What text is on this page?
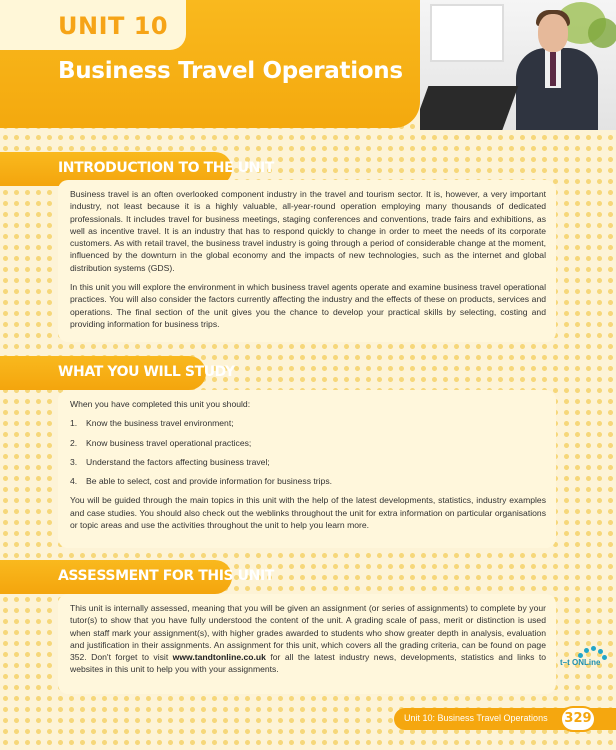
UNIT 10
Business Travel Operations
INTRODUCTION TO THE UNIT

Business travel is an often overlooked component industry in the travel and tourism sector. It is, however, a very important industry, not least because it is a highly valuable, all-year-round operation employing many thousands of dedicated professionals. It includes travel for business meetings, staging conferences and conventions, trade fairs and exhibitions, as well as incentive travel. It is an industry that has to respond quickly to change in order to meet the needs of its corporate customers. As with retail travel, the business travel industry is going through a period of considerable change at the moment, influenced by the downturn in the global economy and the impacts of new technologies, such as the internet and global distribution systems (GDS).

In this unit you will explore the environment in which business travel agents operate and examine business travel operational practices. You will also consider the factors currently affecting the industry and the effects of these on products, services and operations. The final section of the unit gives you the chance to develop your practical skills by selecting, costing and providing information for business trips.

WHAT YOU WILL STUDY

When you have completed this unit you should:

1. Know the business travel environment;
2. Know business travel operational practices;
3. Understand the factors affecting business travel;
4. Be able to select, cost and provide information for business trips.

You will be guided through the main topics in this unit with the help of the latest developments, statistics, industry examples and case studies. You should also check out the weblinks throughout the unit for extra information on particular organisations or topic areas and use the activities throughout the unit to help you learn more.

ASSESSMENT FOR THIS UNIT

This unit is internally assessed, meaning that you will be given an assignment (or series of assignments) to complete by your tutor(s) to show that you have fully understood the content of the unit. A grading scale of pass, merit or distinction is used when staff mark your assignment(s), with higher grades awarded to students who show greater depth in analysis, evaluation and justification in their assignments. An assignment for this unit, which covers all the grading criteria, can be found on page 352. Don't forget to visit www.tandtonline.co.uk for all the latest industry news, developments, statistics and links to websites in this unit to help you with your assignments.

t–t ONLine
Unit 10: Business Travel Operations	329
